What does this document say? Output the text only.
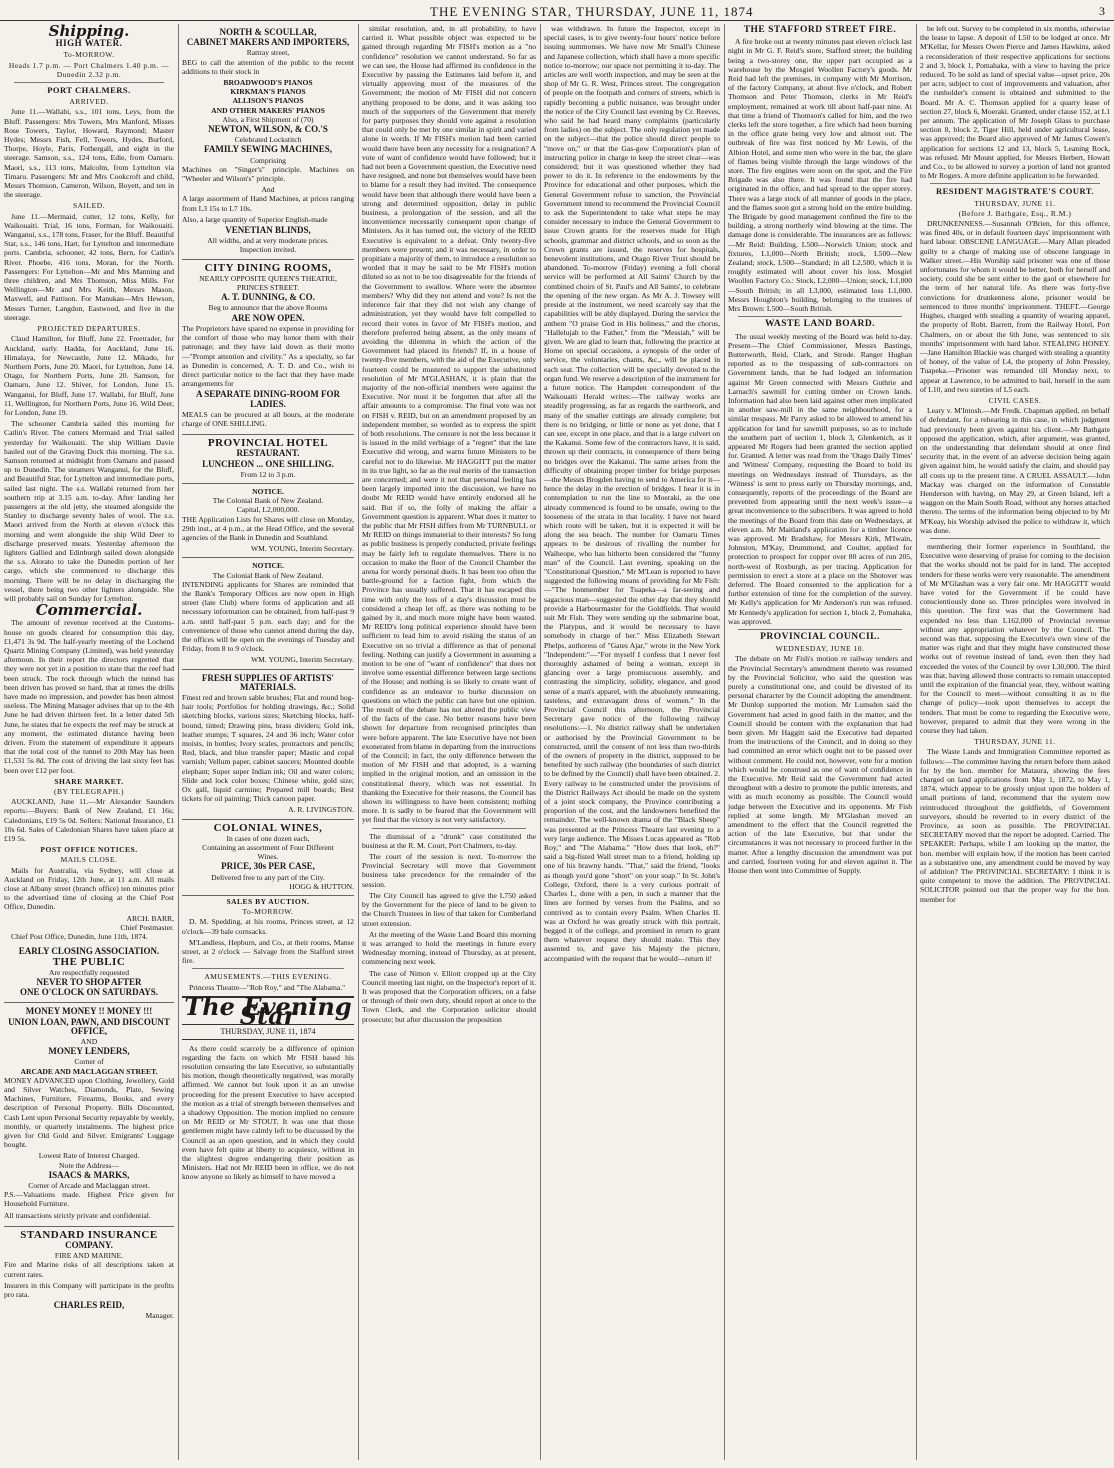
THE EVENING STAR, THURSDAY, JUNE 11, 1874	3
Shipping.
HIGH WATER.
To-MORROW.
Heads 1.7 p.m. — Port Chalmers 1.40 p.m. — Dunedin 2.32 p.m.
PORT CHALMERS.
ARRIVED.

June 11.—Wallabi, s.s., 101 tons, Leys, from the Bluff. Passengers: Mrs Towers, Mrs Manford, Misses Rose Towers, Taylor, Howard, Raymond; Master Hydes; Messrs Fish, Fell, Towers, Hydes, Burford, Thorpe, Hoyle, Paris, Fothergall, and eight in the steerage. Samson, s.s., 124 tons, Edie, from Oamaru. Maori, s.s., 113 tons, Malcolm, from Lyttelton via Timaru. Passengers: Mr and Mrs Cookcroft and child, Messrs Thomson, Cameron, Wilson, Boyett, and ten in the steerage.

SAILED.

June 11.—Mermaid, cutter, 12 tons, Kelly, for Waikouaiti. Trial, 16 tons, Forman, for Waikouaiti. Wanganui, s.s., 178 tons, Fraser, for the Bluff. Beautiful Star, s.s., 146 tons, Hart, for Lyttelton and intermediate ports. Cambria, schooner, 42 tons, Bern, for Catlin's River. Phoebe, 416 tons, Moran, for the North. Passengers: For Lyttelton—Mr and Mrs Manning and three children, and Mrs Thomson, Miss Mills. For Wellington—Mr and Mrs Keith, Messrs Mason, Maxwell, and Pattison. For Manukau—Mrs Hewson, Messrs Turner, Langdon, Eastwood, and five in the steerage.

PROJECTED DEPARTURES.

Claud Hamilton, for Bluff, June 22. Freetrader, for Auckland, early. Hadda, for Auckland, June 16. Himalaya, for Newcastle, June 12. Mikado, for Northern Ports, June 20. Maori, for Lyttelton, June 14. Otago, for Northern Ports, June 20. Samson, for Oamaru, June 12. Shiver, for London, June 15. Wanganui, for Bluff, June 17. Wallabi, for Bluff, June 11. Wellington, for Northern Ports, June 16. Wild Deer, for London, June 19.

The schooner Cambria sailed this morning for Catlin's River. The cutters Mermaid and Trial sailed yesterday for Waikouaiti. The ship William Davie hauled out of the Graving Dock this morning. The s.s. Samson returned at midnight from Oamaru and passed up to Dunedin. The steamers Wanganui, for the Bluff, and Beautiful Star, for Lyttelton and intermediate ports, sailed last night. The s.s. Wallabi returned from her southern trip at 3.15 a.m. to-day. After landing her passengers at the old jetty, she steamed alongside the Stanley to discharge seventy bales of wool. The s.s. Maori arrived from the North at eleven o'clock this morning and went alongside the ship Wild Deer to discharge preserved meats. Yesterday afternoon the lighters Gallied and Edinburgh sailed down alongside the s.s. Alorato to take the Dunedin portion of her cargo, which she commenced to discharge this morning. There will be no delay in discharging the vessel, there being two other lighters alongside. She will probably sail on Sunday for Lyttelton.

Commercial.

The amount of revenue received at the Customs-house on goods cleared for consumption this day, £1,471 3s 9d. The half-yearly meeting of the Lochend Quartz Mining Company (Limited), was held yesterday afternoon. In their report the directors regretted that they were not yet in a position to state that the reef had been struck. The rock through which the tunnel has been driven has proved so hard, that at times the drills have made no impression, and powder has been almost useless. The Mining Manager advises that up to the 4th June he had driven thirteen feet. In a letter dated 5th June, he states that he expects the reef may be struck at any moment, the estimated distance having been driven. From the statement of expenditure it appears that the total cost of the tunnel to 20th May has been £1,531 5s 8d. The cost of driving the last sixty feet has been over £12 per foot.

SHARE MARKET.
(BY TELEGRAPH.)

AUCKLAND, June 11.—Mr Alexander Saunders reports:—Buyers: Bank of New Zealand, £1 16s; Caledonians, £19 5s 0d. Sellers: National Insurance, £1 10s 6d. Sales of Caledonian Shares have taken place at £19 5s.

POST OFFICE NOTICES.
MAILS CLOSE.

Mails for Australia, via Sydney, will close at Auckland on Friday, 12th June, at 11 a.m. All mails close at Albany street (branch office) ten minutes prior to the advertised time of closing at the Chief Post Office, Dunedin.

ARCH. BARR,
Chief Postmaster.

Chief Post Office, Dunedin, June 11th, 1874.

EARLY CLOSING ASSOCIATION.
THE PUBLIC
Are respectfully requested
NEVER TO SHOP AFTER
ONE O'CLOCK ON SATURDAYS.
MONEY MONEY !! MONEY !!!
UNION LOAN, PAWN, AND DISCOUNT OFFICE,
AND
MONEY LENDERS,
Corner of
ARCADE AND MACLAGGAN STREET.

MONEY ADVANCED upon Clothing, Jewellery, Gold and Silver Watches, Diamonds, Plate, Sewing Machines, Furniture, Firearms, Books, and every description of Personal Property. Bills Discounted, Cash Lent upon Personal Security repayable by weekly, monthly, or quarterly instalments. The highest price given for Old Gold and Silver. Emigrants' Luggage bought.

Lowest Rate of Interest Charged.
Note the Address—
ISAACS & MARKS,
Corner of Arcade and Maclaggan street.

P.S.—Valuations made. Highest Price given for Household Furniture.

All transactions strictly private and confidential.

STANDARD INSURANCE
COMPANY.
FIRE AND MARINE.

Fire and Marine risks of all descriptions taken at current rates.

Insurers in this Company will participate in the profits pro rata.

CHARLES REID,
Manager.
NORTH & SCOULLAR,
CABINET MAKERS AND IMPORTERS,
Rattray street,

BEG to call the attention of the public to the recent additions to their stock in

BROADWOOD'S PIANOS
KIRKMAN'S PIANOS
ALLISON'S PIANOS
AND OTHER MAKERS' PIANOS
Also, a First Shipment of (70)
NEWTON, WILSON, & CO.'S
Celebrated Lockstitch
FAMILY SEWING MACHINES,
Comprising

Machines on "Singer's" principle. Machines on "Wheeler and Wilson's" principle.

And

A large assortment of Hand Machines, at prices ranging from L3 15s to L7 10s.

Also, a large quantity of Superior English-made

VENETIAN BLINDS,
All widths, and at very moderate prices.
Inspection invited.
CITY DINING ROOMS,
NEARLY OPPOSITE QUEEN'S THEATRE,
PRINCES STREET.
A. T. DUNNING, & CO.
Beg to announce that the above Rooms
ARE NOW OPEN.

The Proprietors have spared no expense in providing for the comfort of those who may honor them with their patronage; and they have laid down as their motto—"Prompt attention and civility." As a specialty, so far as Dunedin is concerned, A. T. D. and Co., wish to direct particular notice to the fact that they have made arrangements for

A SEPARATE DINING-ROOM FOR LADIES.

MEALS can be procured at all hours, at the moderate charge of ONE SHILLING.

PROVINCIAL HOTEL
RESTAURANT.
LUNCHEON ... ONE SHILLING.
From 12 to 3 p.m.
NOTICE.
The Colonial Bank of New Zealand.
Capital, L2,000,000.

THE Application Lists for Shares will close on Monday, 29th inst., at 4 p.m., at the Head Office, and the several agencies of the Bank in Dunedin and Southland.

WM. YOUNG, Interim Secretary.
NOTICE.
The Colonial Bank of New Zealand.

INTENDING applicants for Shares are reminded that the Bank's Temporary Offices are now open in High street (late Club) where forms of application and all necessary information can be obtained, from half-past 9 a.m. until half-past 5 p.m. each day; and for the convenience of those who cannot attend during the day, the offices will be open on the evenings of Tuesday and Friday, from 8 to 9 o'clock.

WM. YOUNG, Interim Secretary.
FRESH SUPPLIES OF ARTISTS' MATERIALS.

Finest red and brown sable brushes; Flat and round hog-hair tools; Portfolios for holding drawings, &c.; Solid sketching blocks, various sizes; Sketching blocks, half-bound, tinted; Drawing pins, brass dividers; Gold ink, leather stumps; T squares, 24 and 36 inch; Water color moists, in bottles; Ivory scales, protractors and pencils; Red, black, and blue transfer paper; Mastic and copal varnish; Vellum paper, cabinet saucers; Mounted double elephant; Super super Indian ink; Oil and water colors; Slide and lock color boxes; Chinese white, gold size; Ox gall, liquid carmine; Prepared mill boards; Best tickets for oil painting; Thick cartoon paper.

A. R. LIVINGSTON.
COLONIAL WINES,
In cases of one dozen each,
Containing an assortment of Four Different
Wines.
PRICE, 30s PER CASE,
Delivered free to any part of the City.
HOGG & HUTTON.
SALES BY AUCTION.
To-MORROW.

D. M. Spedding, at his rooms, Princes street, at 12 o'clock—39 bale cornsacks.

M'Landless, Hepburn, and Co., at their rooms, Manse street, at 2 o'clock — Salvage from the Stafford street fire.

AMUSEMENTS.—THIS EVENING.

Princess Theatre—"Rob Roy," and "The Alabama."

The Evening Star
THURSDAY, JUNE 11, 1874

As there could scarcely be a difference of opinion regarding the facts on which Mr FISH based his resolution censuring the late Executive, so substantially his motion, though theoretically negatived, was morally affirmed. We cannot but look upon it as an unwise proceeding for the present Executive to have accepted the motion as a trial of strength between themselves and a shadowy Opposition. The motion implied no censure on Mr REID or Mr STOUT. It was one that those gentlemen might have calmly left to be discussed by the Council as an open question, and in which they could even have felt quite at liberty to acquiesce, without in the slightest degree endangering their position as Ministers. Had not Mr REID been in office, we do not know anyone so likely as himself to have moved a

similar resolution, and, in all probability, to have carried it. What possible object was expected to be gained through regarding Mr FISH's motion as a "no confidence" resolution we cannot understand. So far as we can see, the House had affirmed its confidence in the Executive by passing the Estimates laid before it, and virtually approving most of the measures of the Government; the motion of Mr FISH did not concern anything proposed to be done, and it was asking too much of the supporters of the Government that merely for party purposes they should vote against a resolution that could only be met by one similar in spirit and varied alone in words. If Mr FISH's motion had been carried would there have been any necessity for a resignation? A vote of want of confidence would have followed; but it had not been a Government question, the Executive need have resigned, and none but themselves would have been to blame for a result they had invited. The consequence would have been that although there would have been a strong and determined opposition, delay in public business, a prolongation of the session, and all the inconvenience necessarily consequent upon change of Ministers. As it has turned out, the victory of the REID Executive is equivalent to a defeat. Only twenty-five members were present; and it was necessary, in order to propitiate a majority of them, to introduce a resolution so worded that it may be said to be Mr FISH's motion diluted so as not to be too disagreeable for the friends of the Government to swallow. Where were the absentee members? Why did they not attend and vote? Is not the inference fair that they did not wish any change of administration, yet they would have felt compelled to record their votes in favor of Mr FISH's motion, and therefore preferred being absent, as the only means of avoiding the dilemma in which the action of the Government had placed its friends? If, in a house of twenty-five members, with the aid of the Executive, only fourteen could be mustered to support the substituted resolution of Mr M'GLASHAN, it is plain that the majority of the non-official members were against the Executive. Nor must it be forgotten that after all the affair amounts to a compromise. The final vote was not on FISH v. REID, but on an amendment proposed by an independent member, so worded as to express the spirit of both resolutions. The censure is not the less because it is issued in the mild verbiage of a "regret" that the late Executive did wrong, and warns future Ministers to be careful not to do likewise. Mr HAGGITT put the matter in its true light, so far as the real merits of the transaction are concerned; and were it not that personal feeling has been largely imported into the discussion, we have no doubt Mr REID would have entirely endorsed all he said. But if so, the folly of making the affair a Government question is apparent. What does it matter to the public that Mr FISH differs from Mr TURNBULL or Mr REID on things immaterial to their interests? So long as public business is properly conducted, private feelings may be fairly left to regulate themselves. There is no occasion to make the floor of the Council Chamber the arena for wordy personal duels. It has been too often the battle-ground for a faction fight, from which the Province has usually suffered. That it has escaped this time with only the loss of a day's discussion must be considered a cheap let off, as there was nothing to be gained by it, and much more might have been wasted. Mr REID's long political experience should have been sufficient to lead him to avoid risking the status of an Executive on so trivial a difference as that of personal feeling. Nothing can justify a Government in assuming a motion to be one of "want of confidence" that does not involve some essential difference between large sections of the House; and nothing is so likely to create want of confidence as an endeavor to burke discussion on questions on which the public can have but one opinion. The result of the debate has not altered the public view of the facts of the case. No better reasons have been shown for departure from recognised principles than were before apparent. The late Executive have not been exonerated from blame in departing from the instructions of the Council; in fact, the only difference between the motion of Mr FISH and that adopted, is a warning implied in the original motion, and an omission in the constitutional theory, which was not essential. In thanking the Executive for their reasons, the Council has shown its willingness to have been consistent; nothing more. It is sadly to be feared that the Government will yet find that the victory is not very satisfactory.

The dismissal of a "drunk" case constituted the business at the R. M. Court, Port Chalmers, to-day.

The court of the session is next. To-morrow the Provincial Secretary will move that Government business take precedence for the remainder of the session.

The City Council has agreed to give the L750 asked by the Government for the piece of land to be given to the Church Trustees in lieu of that taken for Cumberland street extension.

At the meeting of the Waste Land Board this morning it was arranged to hold the meetings in future every Wednesday morning, instead of Thursday, as at present, commencing next week.

The case of Nimon v. Elliott cropped up at the City Council meeting last night, on the Inspector's report of it. It was proposed that the Corporation officers, on a false or through of their own duty, should report at once to the Town Clerk, and the Corporation solicitor should prosecute; but after discussion the proposition

was withdrawn. In future the Inspector, except in special cases, is to give twenty-four hours' notice before issuing summonses. We have now Mr Small's Chinese and Japanese collection, which shall have a more specific notice to-morrow; our space not permitting it to-day. The articles are well worth inspection, and may be seen at the shop of Mr G. R. West, Princes street. The congregation of people on the footpath and corners of streets, which is rapidly becoming a public nuisance, was brought under the notice of the City Council last evening by Cr. Reeves, who said he had heard many complaints (particularly from ladies) on the subject. The only regulation yet made on the subject—that the police should direct people to "move on," or that the Gas-gow Corporation's plan of instructing police in charge to keep the street clear—was considered; but it was questioned whether they had power to do it. In reference to the endowments by the Province for educational and other purposes, which the General Government refuse to sanction, the Provincial Government intend to recommend the Provincial Council to ask the Superintendent to take what steps he may consider necessary to induce the General Government to issue Crown grants for the reserves made for High schools, grammar and district schools, and so soon as the Crown grants are issued, the reserves for hospitals, benevolent institutions, and Otago River Trust should be abandoned. To-morrow (Friday) evening a full choral service will be performed at All Saints' Church by the combined choirs of St. Paul's and All Saints', to celebrate the opening of the new organ. As Mr A. J. Towsey will preside at the instrument, we need scarcely say that the capabilities will be ably displayed. During the service the anthem "O praise God in His holiness," and the chorus, "Hallelujah to the Father," from the "Messiah," will be given. We are glad to learn that, following the practice at Home on special occasions, a synopsis of the order of service, the voluntaries, chants, &c., will be placed in each seat. The collection will be specially devoted to the organ fund. We reserve a description of the instrument for a future notice. The Hampden correspondent of the Waikouaiti Herald writes:—The railway works are steadily progressing, as far as regards the earthwork, and many of the smaller cuttings are already complete; but there is no bridging, or little or none as yet done, that I can see, except in one place, and that is a large culvert on the Kakanui. Some few of the contractors have, it is said, thrown up their contracts, in consequence of there being no bridges over the Kakanui. The same arises from the difficulty of obtaining proper timber for bridge purposes—the Messrs Brogden having to send to America for it—hence the delay in the erection of bridges. I hear it is in contemplation to run the line to Moeraki, as the one already commenced is found to be unsafe, owing to the looseness of the strata in that locality. I have not heard which route will be taken, but it is expected it will be along the sea beach. The number for Oamaru Times appears to be desirous of rivalling the number for Waiheope, who has hitherto been considered the "funny man" of the Council. Last evening, speaking on the "Constitutional Question," Mr M'Lean is reported to have suggested the following means of providing for Mr Fish:—"The honmember for Tuapeka—a far-seeing and sagacious man—suggested the other day that they should provide a Harbourmaster for the Goldfields. That would suit Mr Fish. They were sending up the submarine boat, the Platypus, and it would be necessary to have somebody in charge of her." Miss Elizabeth Stewart Phelps, authoress of "Gates Ajar," wrote in the New York "Independent:"—"For myself I confess that I never feel thoroughly ashamed of being a woman, except in glancing over a large promiscuous assembly, and contrasting the simplicity, solidity, elegance, and good sense of a man's apparel, with the absolutely unmeaning, tasteless, and extravagant dress of women." In the Provincial Council this afternoon, the Provincial Secretary gave notice of the following railway resolutions:—1. No district railway shall be undertaken or authorised by the Provincial Government to be constructed, until the consent of not less than two-thirds of the owners of property in the district, supposed to be benefited by such railway (the boundaries of such district to be defined by the Council) shall have been obtained. 2. Every railway to be constructed under the provisions of the District Railways Act should be made on the system of a joint stock company, the Province contributing a proportion of the cost, and the landowners benefited the remainder. The well-known drama of the "Black Sheep" was presented at the Princess Theatre last evening to a very large audience. The Misses Lucas appeared as "Rob Roy," and "The Alabama." "How does that look, eh?" said a big-fisted Wall street man to a friend, holding up one of his brawny hands. "That," said the friend, "looks as though you'd gone "short" on your soap." In St. John's College, Oxford, there is a very curious portrait of Charles I., done with a pen, in such a manner that the lines are formed by verses from the Psalms, and so contrived as to contain every Psalm. When Charles II. was at Oxford he was greatly struck with this portrait, begged it of the college, and promised in return to grant them whatever request they should make. This they assented to, and gave his Majesty the picture, accompanied with the request that he would—return it!

THE STAFFORD STREET FIRE.

A fire broke out at twenty minutes past eleven o'clock last night in Mr G. F. Reid's store, Stafford street; the building being a two-storey one, the upper part occupied as a warehouse by the Mosgiel Woollen Factory's goods. Mr Reid had left the premises, in company with Mr Morrison, of the factory Company, at about five o'clock, and Robert Thomson and Peter Thomson, clerks in Mr Reid's employment, remained at work till about half-past nine. At that time a friend of Thomson's called for him, and the two clerks left the store together, a fire which had been burning in the office grate being very low and almost out. The outbreak of fire was first noticed by Mr Lewis, of the Albion Hotel, and some men who were in the bar, the glare of flames being visible through the large windows of the store. The fire engines were soon on the spot, and the Fire Brigade was also there. It was found that the fire had originated in the office, and had spread to the upper storey. There was a large stock of all manner of goods in the place, and the flames soon got a strong hold on the entire building. The Brigade by good management confined the fire to the building, a strong northerly wind blowing at the time. The damage done is considerable. The insurances are as follows:—Mr Reid: Building, L500—Norwich Union; stock and fixtures, L1,000—North British; stock, L500—New Zealand; stock, L500—Standard; in all L2,500, which it is roughly estimated will about cover his loss. Mosgiel Woollen Factory Co.: Stock, L2,000—Union; stock, L1,000—South British; in all L3,000, estimated loss L1,000. Messrs Houghton's building, belonging to the trustees of Mrs Brown: L500—South British.

WASTE LAND BOARD.

The usual weekly meeting of the Board was held to-day. Present—The Chief Commissioner, Messrs Bastings, Butterworth, Reid, Clark, and Strode. Ranger Hughan reported as to the trespassing of sub-contractors on Government lands, that he had lodged an information against Mr Green connected with Messrs Guthrie and Larnach's sawmill for cutting timber on Crown lands. Information had also been laid against other men implicated in another saw-mill in the same neighbourhood, for a similar trespass. Mr Parry asked to be allowed to amend his application for land for sawmill purposes, so as to include the southern part of section 1, block 3, Glenkenich, as it appeared Mr Rogers had been granted the section applied for. Granted. A letter was read from the 'Otago Daily Times' and 'Witness' Company, requesting the Board to hold its meetings on Wednesdays instead of Thursdays, as the 'Witness' is sent to press early on Thursday mornings, and, consequently, reports of the proceedings of the Board are prevented from appearing until the next week's issue—a great inconvenience to the subscribers. It was agreed to hold the meetings of the Board from this date on Wednesdays, at eleven a.m. Mr Maitland's application for a timber licence was approved. Mr Bradshaw, for Messrs Kirk, M'Iwain, Johnston, M'Kay, Drummond, and Coulter, applied for protection to prospect for copper over 80 acres of run 205, north-west of Roxburgh, as per tracing. Application for permission to erect a store at a place on the Shotover was deferred. The Board consented to the application for a further extension of time for the completion of the survey. Mr Kelly's application for Mr Anderson's run was refused. Mr Kennedy's application for section 1, block 2, Pomahaka, was approved.

PROVINCIAL COUNCIL.
WEDNESDAY, JUNE 10.

The debate on Mr Fish's motion re railway tenders and the Provincial Secretary's amendment thereto was resumed by the Provincial Solicitor, who said the question was purely a constitutional one, and could be divested of its personal character by the Council adopting the amendment. Mr Dunlop supported the motion. Mr Lumsden said the Government had acted in good faith in the matter, and the Council should be content with the explanation that had been given. Mr Haggitt said the Executive had departed from the instructions of the Council, and in doing so they had committed an error which ought not to be passed over without comment. He could not, however, vote for a motion which would be construed as one of want of confidence in the Executive. Mr Reid said the Government had acted throughout with a desire to promote the public interests, and with as much economy as possible. The Council would judge between the Executive and its opponents. Mr Fish replied at some length. Mr M'Glashan moved an amendment to the effect that the Council regretted the action of the late Executive, but that under the circumstances it was not necessary to proceed further in the matter. After a lengthy discussion the amendment was put and carried, fourteen voting for and eleven against it. The House then went into Committee of Supply.

be left out. Survey to be completed in six months, otherwise the lease to lapse. A deposit of L50 to be lodged at once. Mr M'Kellar, for Messrs Owen Pierce and James Hawkins, asked a reconsideration of their respective applications for sections 2 and 3, block 1, Pomahaka, with a view to having the price reduced. To be sold as land of special value—upset price, 20s per acre, subject to cost of improvements and valuation, after the runholder's consent is obtained and submitted to the Board. Mr A. C. Thomson applied for a quarry lease of section 27, block 6, Moeraki. Granted, under clause 152, at L1 per annum. The application of Mr Joseph Glass to purchase section 8, block 2, Tiger Hill, held under agricultural lease, was approved; the Board also approved of Mr James Cowen's application for sections 12 and 13, block 5, Leaning Rock, was refused. Mr Mount applied, for Messrs Herbert, Howatt and Co., to be allowed to survey a portion of land not granted to Mr Rogers. A more definite application to be forwarded.

RESIDENT MAGISTRATE'S COURT.
THURSDAY, JUNE 11.
(Before J. Bathgate, Esq., R.M.)

DRUNKENNESS.—Susannah O'Brien, for this offence, was fined 40s, or in default fourteen days' imprisonment with hard labour. OBSCENE LANGUAGE.—Mary Allan pleaded guilty to a charge of making use of obscene language in Walker street.—His Worship said prisoner was one of those unfortunates for whom it would be better, both for herself and society, could she be sent either to the gaol or elsewhere for the term of her natural life. As there was forty-five convictions for drunkenness alone, prisoner would be sentenced to three months' imprisonment. THEFT.—George Hughes, charged with stealing a quantity of wearing apparel, the property of Robt. Barrett, from the Railway Hotel, Port Chalmers, on or about the 6th June, was sentenced to six months' imprisonment with hard labor. STEALING HONEY.—Jane Hamilton Blackie was charged with stealing a quantity of honey, of the value of L4, the property of John Pressley, Tuapeka.—Prisoner was remanded till Monday next, to appear at Lawrence, to be admitted to bail, herself in the sum of L10, and two sureties of L5 each.

CIVIL CASES.

Leary v. M'Intosh.—Mr Fredk. Chapman applied, on behalf of defendant, for a rehearing in this case, in which judgment had previously been given against his client.—Mr Bathgate opposed the application, which, after argument, was granted, on the understanding that defendant should at once find security that, in the event of an adverse decision being again given against him, he would satisfy the claim, and should pay all costs up to the present time. A CRUEL ASSAULT.—John Mackay was charged on the information of Constable Henderson with having, on May 29, at Green Island, left a waggon on the Main South Road, without any horses attached thereto. The terms of the information being objected to by Mr M'Keay, his Worship advised the police to withdraw it, which was done.

membering their former experience in Southland, the Executive were deserving of praise for coming to the decision that the works should not be paid for in land. The accepted tenders for these works were very reasonable. The amendment of Mr M'Glashan was a very fair one. Mr HAGGITT would have voted for the Government if he could have conscientiously done so. Three principles were involved in this question. The first was that the Government had expended no less than L162,000 of Provincial revenue without any appropriation whatever by the Council. The second was that, supposing the Executive's own view of the matter was right and that they might have constructed those works out of revenue instead of land, even then they had exceeded the votes of the Council by over L30,000. The third was that, having allowed those contracts to remain unaccepted until the expiration of the financial year, they, without waiting for the Council to meet—without consulting it as to the change of policy—took upon themselves to accept the tenders. That must be come to regarding the Executive were, however, prepared to admit that they were wrong in the course they had taken.

THURSDAY, JUNE 11.

The Waste Lands and Immigration Committee reported as follows:—The committee having the return before them asked for by the hon. member for Mataura, showing the fees charged on land applications from May 1, 1872, to May 1, 1874, which appear to be grossly unjust upon the holders of small portions of land, recommend that the system now reintroduced throughout the goldfields, of Government surveyors, should be reverted to in every district of the Province, as soon as possible. The PROVINCIAL SECRETARY moved that the report be adopted. Carried. The SPEAKER: Perhaps, while I am looking up the matter, the hon. member will explain how, if the motion has been carried as a substantive one, any amendment could be moved by way of addition? The PROVINCIAL SECRETARY: I think it is quite competent to move the addition. The PROVINCIAL SOLICITOR pointed out that the proper way for the hon. member for
